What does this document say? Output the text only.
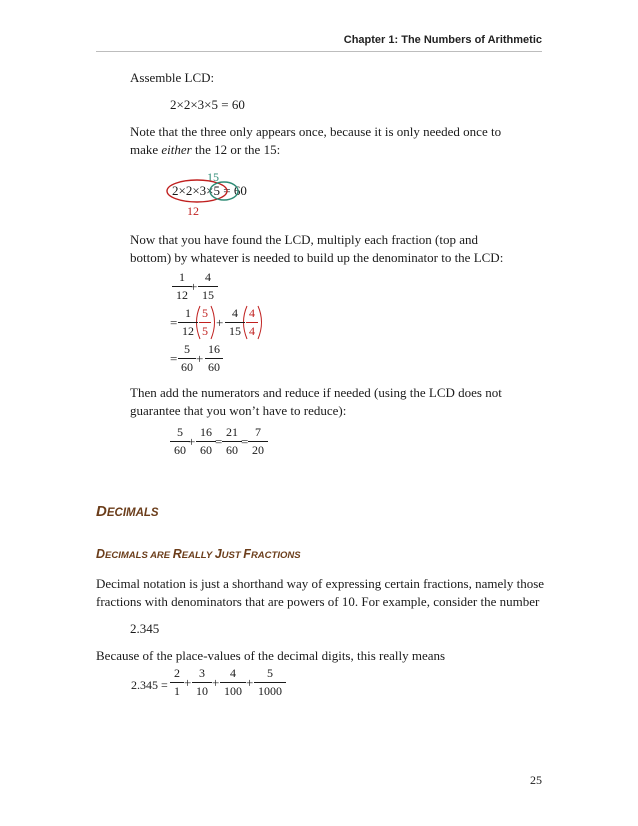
Chapter 1: The Numbers of Arithmetic
Assemble LCD:
2×2×3×5 = 60
Note that the three only appears once, because it is only needed once to
make either the 12 or the 15:
15
2×2×3×5 = 60
12
Now that you have found the LCD, multiply each fraction (top and
bottom) by whatever is needed to build up the denominator to the LCD:
$\frac{1}{12}$
+ $\frac{4}{15}$
= $\frac{1}{12} \frac{5}{5} + \frac{4}{15} \frac{4}{4}$
= $\frac{5}{60} + \frac{16}{60}$
Then add the numerators and reduce if needed (using the LCD does not
guarantee that you won’t have to reduce):
$\frac{5}{60}$
+ $\frac{16}{60} = \frac{21}{60} = \frac{7}{20}$
DECIMALS
DECIMALS ARE REALLY JUST FRACTIONS
Decimal notation is just a shorthand way of expressing certain fractions, namely those
fractions with denominators that are powers of 10. For example, consider the number
2.345
Because of the place-values of the decimal digits, this really means
$2.345 = \frac{2}{1} + \frac{3}{10} + \frac{4}{100} + \frac{5}{1000}$
25
